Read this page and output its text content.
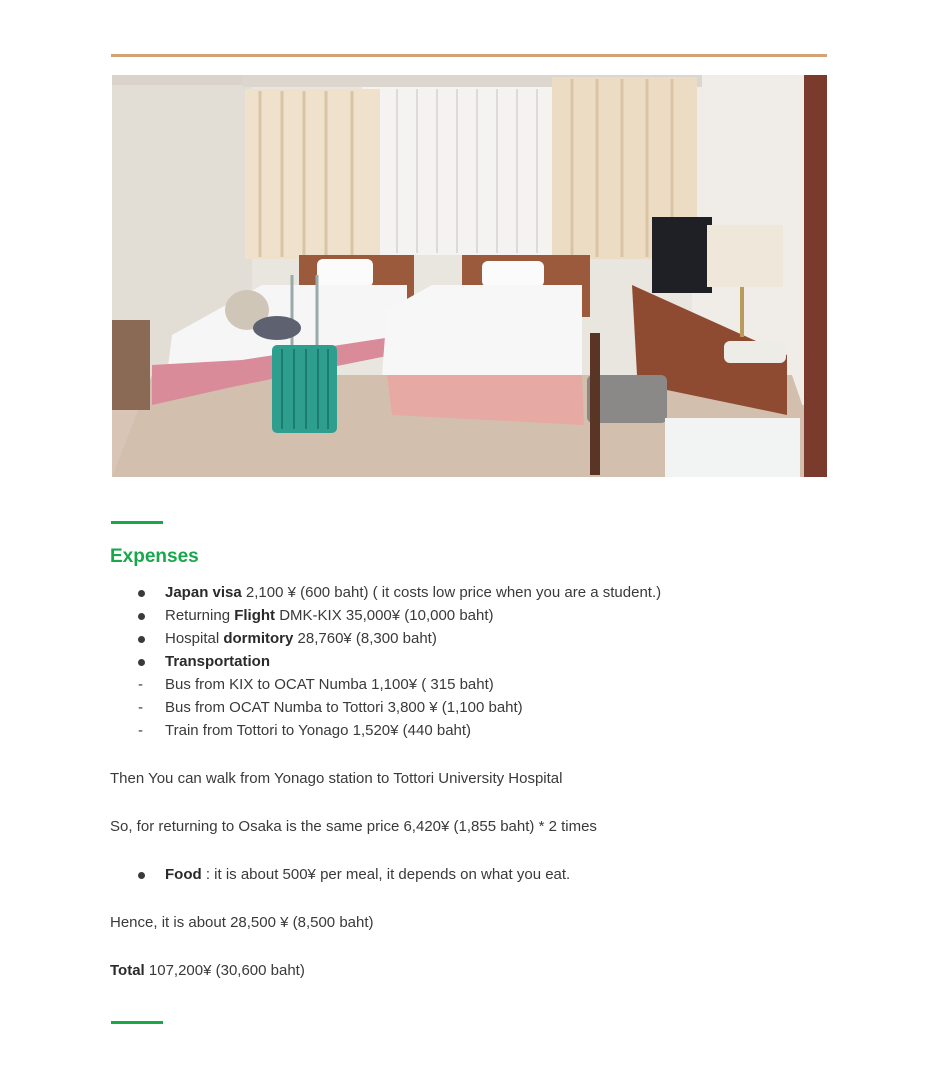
Expenses
Japan visa 2,100 ¥ (600 baht) ( it costs low price when you are a student.)
Returning Flight DMK-KIX 35,000¥ (10,000 baht)
Hospital dormitory 28,760¥ (8,300 baht)
Transportation
- Bus from KIX to OCAT Numba 1,100¥ ( 315 baht)
- Bus from OCAT Numba to Tottori 3,800 ¥ (1,100 baht)
- Train from Tottori to Yonago 1,520¥ (440 baht)
Then You can walk from Yonago station to Tottori University Hospital
So, for returning to Osaka is the same price 6,420¥ (1,855 baht) * 2 times
Food : it is about 500¥ per meal, it depends on what you eat.
Hence, it is about 28,500 ¥ (8,500 baht)
Total 107,200¥ (30,600 baht)
